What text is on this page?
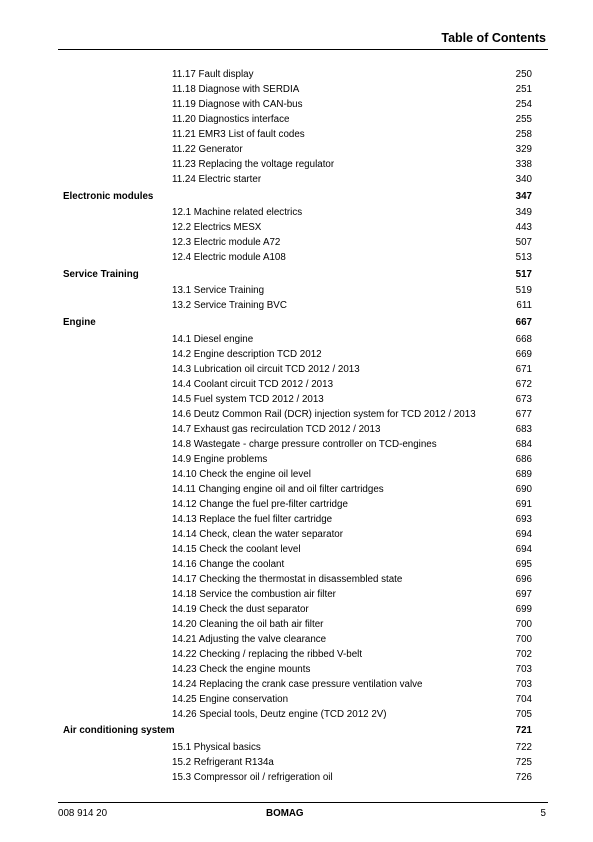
Table of Contents
11.17 Fault display	250
11.18 Diagnose with SERDIA	251
11.19 Diagnose with CAN-bus	254
11.20 Diagnostics interface	255
11.21 EMR3 List of fault codes	258
11.22 Generator	329
11.23 Replacing the voltage regulator	338
11.24 Electric starter	340
Electronic modules	347
12.1 Machine related electrics	349
12.2 Electrics MESX	443
12.3 Electric module A72	507
12.4 Electric module A108	513
Service Training	517
13.1 Service Training	519
13.2 Service Training BVC	611
Engine	667
14.1 Diesel engine	668
14.2 Engine description TCD 2012	669
14.3 Lubrication oil circuit TCD 2012 / 2013	671
14.4 Coolant circuit TCD 2012 / 2013	672
14.5 Fuel system TCD 2012 / 2013	673
14.6 Deutz Common Rail (DCR) injection system for TCD 2012 / 2013	677
14.7 Exhaust gas recirculation TCD 2012 / 2013	683
14.8 Wastegate - charge pressure controller on TCD-engines	684
14.9 Engine problems	686
14.10 Check the engine oil level	689
14.11 Changing engine oil and oil filter cartridges	690
14.12 Change the fuel pre-filter cartridge	691
14.13 Replace the fuel filter cartridge	693
14.14 Check, clean the water separator	694
14.15 Check the coolant level	694
14.16 Change the coolant	695
14.17 Checking the thermostat in disassembled state	696
14.18 Service the combustion air filter	697
14.19 Check the dust separator	699
14.20 Cleaning the oil bath air filter	700
14.21 Adjusting the valve clearance	700
14.22 Checking / replacing the ribbed V-belt	702
14.23 Check the engine mounts	703
14.24 Replacing the crank case pressure ventilation valve	703
14.25 Engine conservation	704
14.26 Special tools, Deutz engine (TCD 2012 2V)	705
Air conditioning system	721
15.1 Physical basics	722
15.2 Refrigerant R134a	725
15.3 Compressor oil / refrigeration oil	726
008 914 20	BOMAG	5
